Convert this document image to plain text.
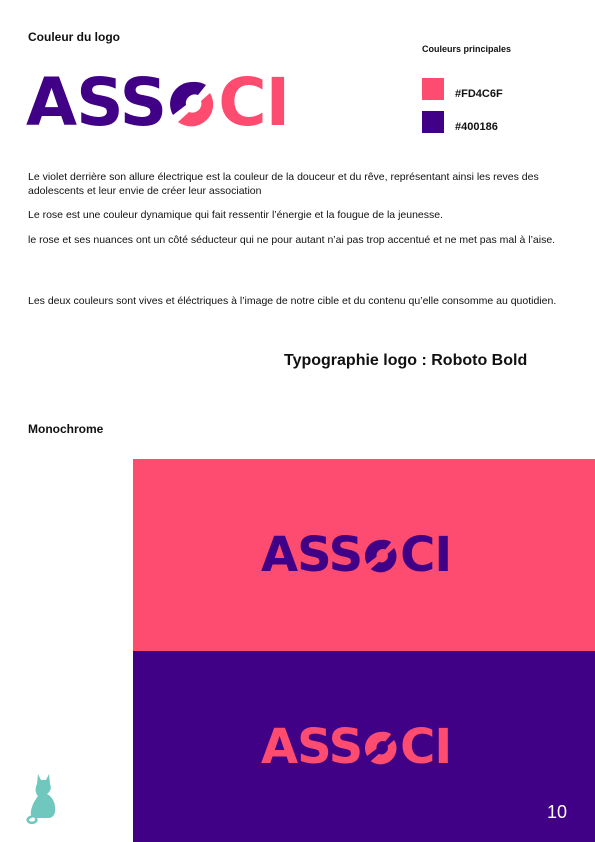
Couleur du logo
Couleurs principales
ASS CI	#FD4C6F
#400186

Le violet derrière son allure électrique est la couleur de la douceur et du rêve, représentant ainsi les reves des adolescents et leur envie de créer leur association

Le rose est une couleur dynamique qui fait ressentir l’énergie et la fougue de la jeunesse.

le rose et ses nuances ont un côté séducteur qui ne pour autant n’ai pas trop accentué et ne met pas mal à l’aise.

Les deux couleurs sont vives et éléctriques à l’image de notre cible et du contenu qu’elle consomme au quotidien.

Typographie logo : Roboto Bold
Monochrome
ASS CI
ASS CI
10
